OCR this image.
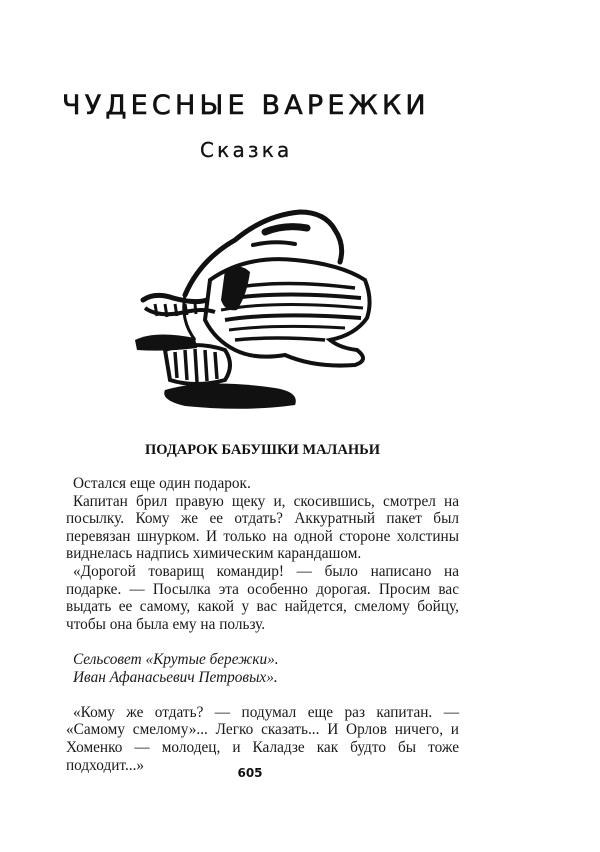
ЧУДЕСНЫЕ ВАРЕЖКИ
Сказка
ПОДАРОК БАБУШКИ МАЛАНЬИ

Остался еще один подарок.

Капитан брил правую щеку и, скосившись, смотрел на посылку. Кому же ее отдать? Аккуратный пакет был перевязан шнурком. И только на одной стороне холстины виднелась надпись химическим карандашом.

«Дорогой товарищ командир! — было написано на подарке. — Посылка эта особенно дорогая. Просим вас выдать ее самому, какой у вас найдется, смелому бойцу, чтобы она была ему на пользу.

Сельсовет «Крутые бережки».

Иван Афанасьевич Петровых».

«Кому же отдать? — подумал еще раз капитан. — «Самому смелому»... Легко сказать... И Орлов ничего, и Хоменко — молодец, и Каладзе как будто бы тоже подходит...»	605
